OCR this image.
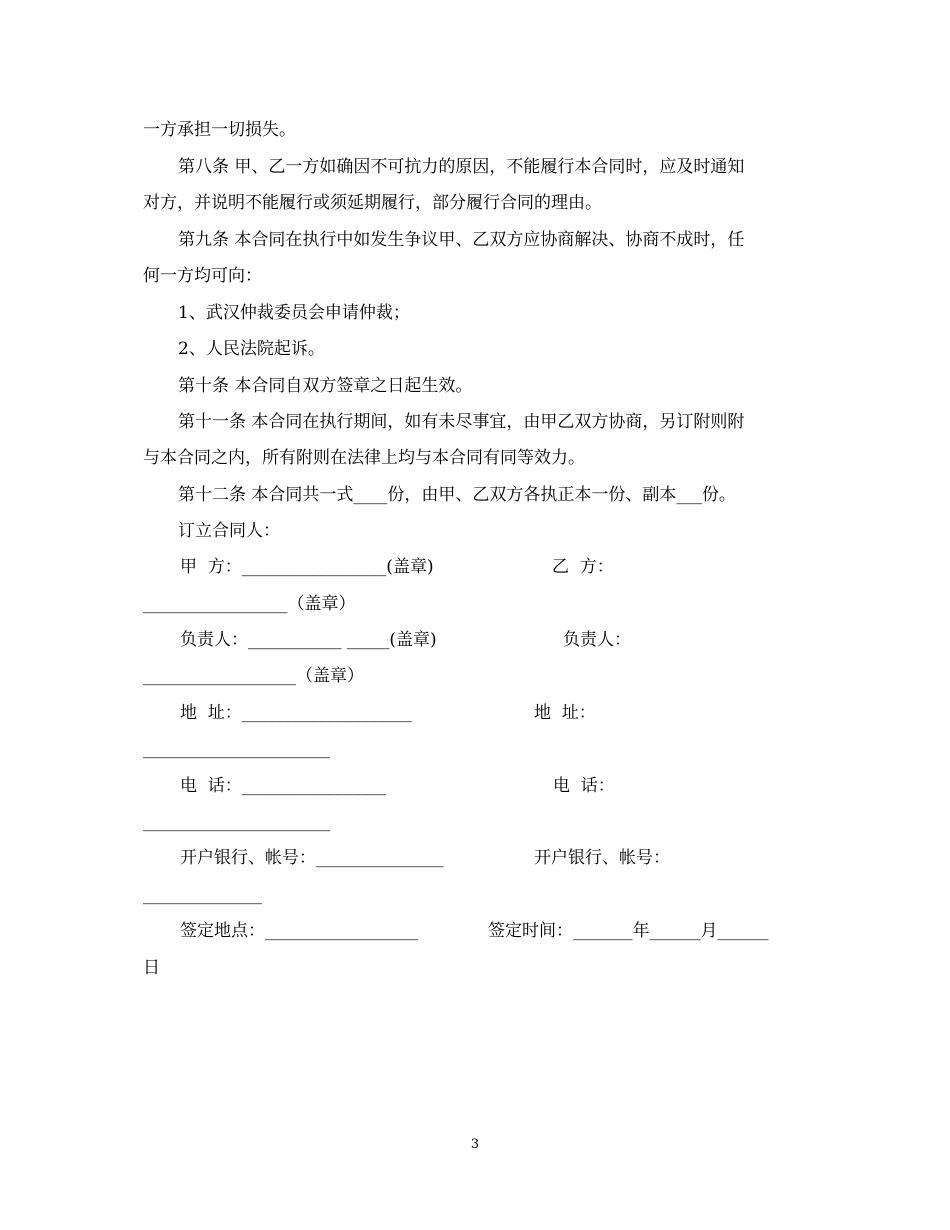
一方承担一切损失。
第八条 甲、乙一方如确因不可抗力的原因，不能履行本合同时，应及时通知
对方，并说明不能履行或须延期履行，部分履行合同的理由。
第九条 本合同在执行中如发生争议甲、乙双方应协商解决、协商不成时，任
何一方均可向：
1、武汉仲裁委员会申请仲裁；
2、人民法院起诉。
第十条 本合同自双方签章之日起生效。
第十一条 本合同在执行期间，如有未尽事宜，由甲乙双方协商，另订附则附
与本合同之内，所有附则在法律上均与本合同有同等效力。
第十二条 本合同共一式____份，由甲、乙双方各执正本一份、副本___份。
订立合同人：
甲  方：_________________(盖章)	乙  方：
_________________（盖章）
负责人：___________ _____(盖章)	负责人：
__________________（盖章）
地  址：____________________	地  址：
______________________
电  话：_________________	电  话：
______________________
开户银行、帐号：_______________	开户银行、帐号：
______________
签定地点：__________________	签定时间：_______年______月______
日
3
